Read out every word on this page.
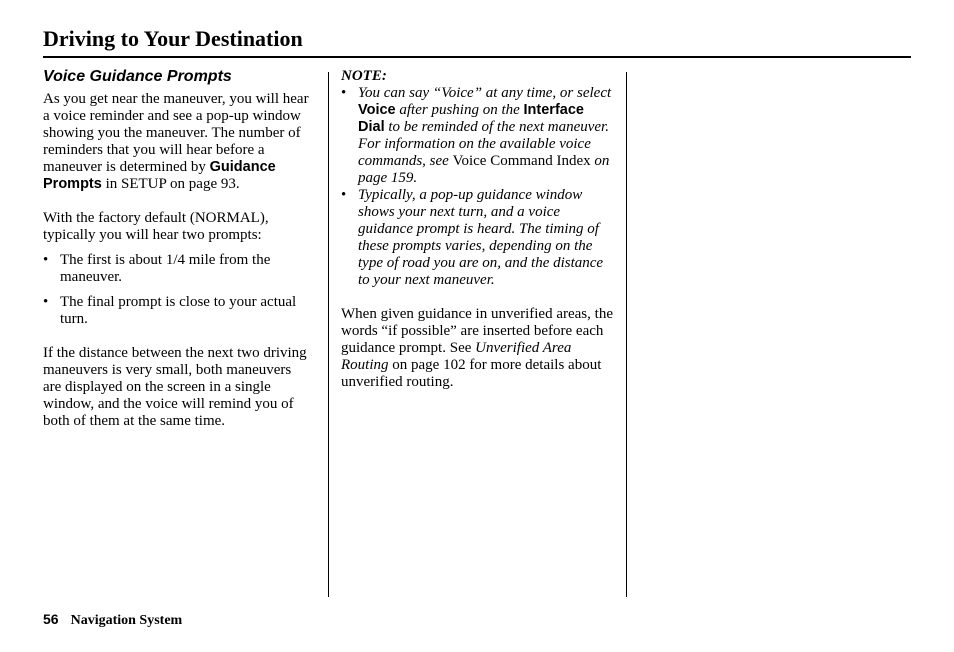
Driving to Your Destination
Voice Guidance Prompts

As you get near the maneuver, you will hear a voice reminder and see a pop-up window showing you the maneuver. The number of reminders that you will hear before a maneuver is determined by Guidance Prompts in SETUP on page 93.

With the factory default (NORMAL), typically you will hear two prompts:

• The first is about 1/4 mile from the maneuver.
• The final prompt is close to your actual turn.

If the distance between the next two driving maneuvers is very small, both maneuvers are displayed on the screen in a single window, and the voice will remind you of both of them at the same time.

NOTE:

• You can say “Voice” at any time, or select Voice after pushing on the Interface Dial to be reminded of the next maneuver. For information on the available voice commands, see Voice Command Index on page 159.
• Typically, a pop-up guidance window shows your next turn, and a voice guidance prompt is heard. The timing of these prompts varies, depending on the type of road you are on, and the distance to your next maneuver.

When given guidance in unverified areas, the words “if possible” are inserted before each guidance prompt. See Unverified Area Routing on page 102 for more details about unverified routing.

56 Navigation System
